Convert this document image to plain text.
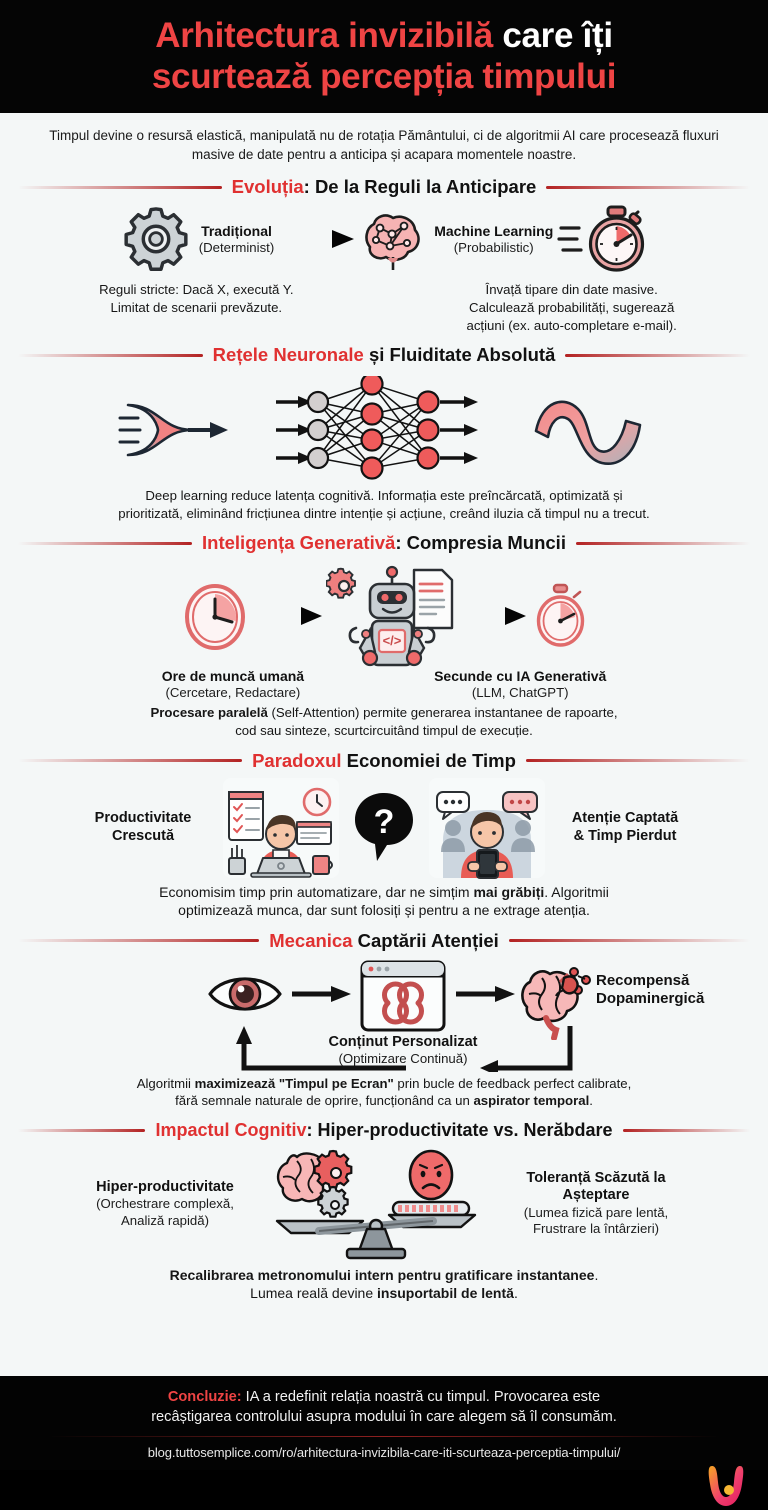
Arhitectura invizibilă care îți
scurtează percepția timpului
Timpul devine o resursă elastică, manipulată nu de rotația Pământului, ci de algoritmii AI care procesează fluxuri masive de date pentru a anticipa și acapara momentele noastre.
Evoluția: De la Reguli la Anticipare
Tradițional
(Determinist)
Machine Learning
(Probabilistic)
Reguli stricte: Dacă X, execută Y.
Limitat de scenarii prevăzute.
Învață tipare din date masive.
Calculează probabilități, sugerează
acțiuni (ex. auto-completare e-mail).
Rețele Neuronale și Fluiditate Absolută
Deep learning reduce latența cognitivă. Informația este preîncărcată, optimizată și
prioritizată, eliminând fricțiunea dintre intenție și acțiune, creând iluzia că timpul nu a trecut.
Inteligența Generativă: Compresia Muncii
</>
Ore de muncă umană
(Cercetare, Redactare)
Secunde cu IA Generativă
(LLM, ChatGPT)
Procesare paralelă (Self-Attention) permite generarea instantanee de rapoarte,
cod sau sinteze, scurtcircuitând timpul de execuție.
Paradoxul Economiei de Timp
Productivitate
Crescută	?	Atenție Captată
& Timp Pierdut
Economisim timp prin automatizare, dar ne simțim mai grăbiți. Algoritmii
optimizează munca, dar sunt folosiți și pentru a ne extrage atenția.
Mecanica Captării Atenției
Recompensă
Dopaminergică
Conținut Personalizat
(Optimizare Continuă)
Algoritmii maximizează "Timpul pe Ecran" prin bucle de feedback perfect calibrate,
fără semnale naturale de oprire, funcționând ca un aspirator temporal.
Impactul Cognitiv: Hiper-productivitate vs. Nerăbdare
Hiper-productivitate
(Orchestrare complexă,
Analiză rapidă)
Toleranță Scăzută la
Așteptare
(Lumea fizică pare lentă,
Frustrare la întârzieri)
Recalibrarea metronomului intern pentru gratificare instantanee.
Lumea reală devine insuportabil de lentă.
Concluzie: IA a redefinit relația noastră cu timpul. Provocarea este
recâștigarea controlului asupra modului în care alegem să îl consumăm.
blog.tuttosemplice.com/ro/arhitectura-invizibila-care-iti-scurteaza-perceptia-timpului/
